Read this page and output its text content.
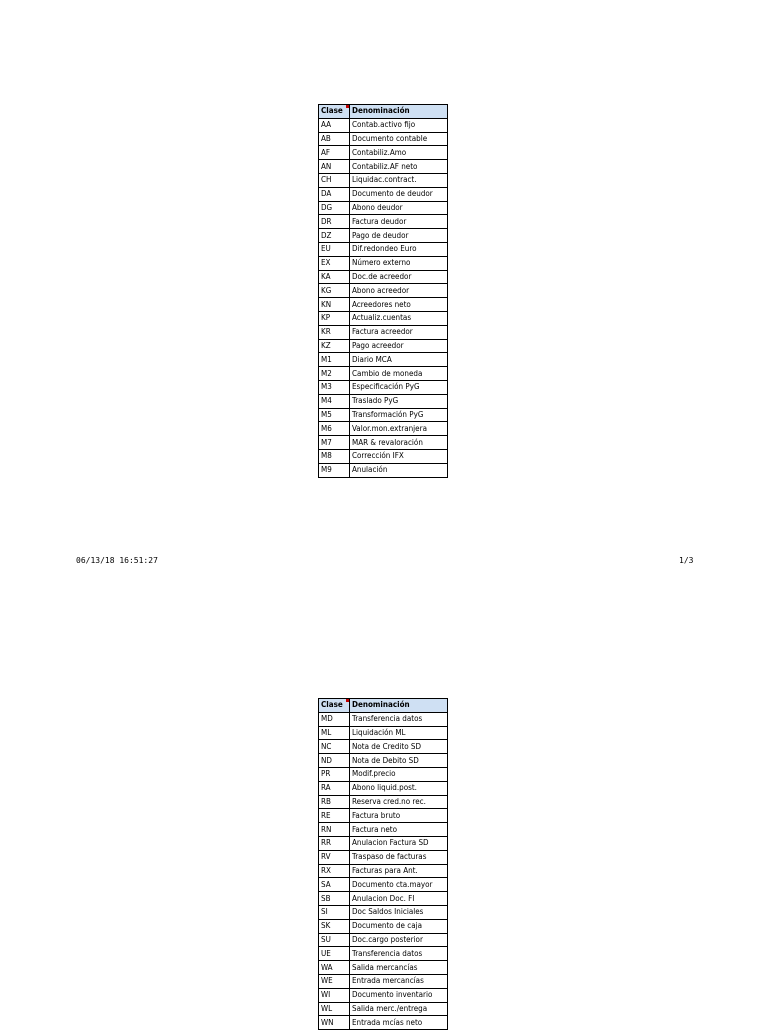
Clase	Denominación
AA	Contab.activo fijo
AB	Documento contable
AF	Contabiliz.Amo
AN	Contabiliz.AF neto
CH	Liquidac.contract.
DA	Documento de deudor
DG	Abono deudor
DR	Factura deudor
DZ	Pago de deudor
EU	Dif.redondeo Euro
EX	Número externo
KA	Doc.de acreedor
KG	Abono acreedor
KN	Acreedores neto
KP	Actualiz.cuentas
KR	Factura acreedor
KZ	Pago acreedor
M1	Diario MCA
M2	Cambio de moneda
M3	Especificación PyG
M4	Traslado PyG
M5	Transformación PyG
M6	Valor.mon.extranjera
M7	MAR & revaloración
M8	Corrección IFX
M9	Anulación
06/13/18 16:51:27	1/3
Clase	Denominación
MD	Transferencia datos
ML	Liquidación ML
NC	Nota de Credito SD
ND	Nota de Debito SD
PR	Modif.precio
RA	Abono liquid.post.
RB	Reserva cred.no rec.
RE	Factura bruto
RN	Factura neto
RR	Anulacion Factura SD
RV	Traspaso de facturas
RX	Facturas para Ant.
SA	Documento cta.mayor
SB	Anulacion Doc. FI
SI	Doc Saldos Iniciales
SK	Documento de caja
SU	Doc.cargo posterior
UE	Transferencia datos
WA	Salida mercancías
WE	Entrada mercancías
WI	Documento inventario
WL	Salida merc./entrega
WN	Entrada mcías neto
